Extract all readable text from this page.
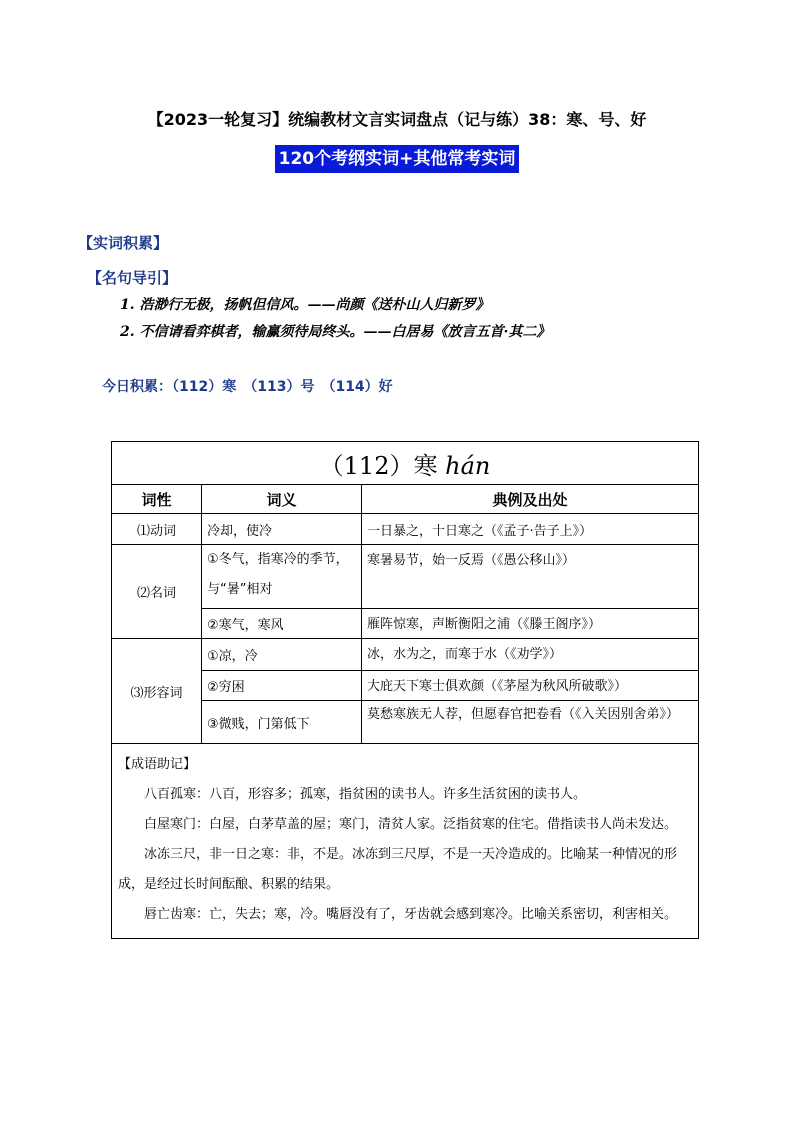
【2023一轮复习】统编教材文言实词盘点（记与练）38：寒、号、好
120个考纲实词+其他常考实词
【实词积累】
【名句导引】
1. 浩渺行无极，扬帆但信风。——尚颜《送朴山人归新罗》
2. 不信请看弈棋者，输赢须待局终头。——白居易《放言五首·其二》
今日积累：（112）寒　（113）号　（114）好
（112）寒 hán		
词性	词义	典例及出处
⑴动词	冷却，使冷	一日暴之，十日寒之（《孟子·告子上》）
⑵名词	①冬气，指寒冷的季节，与“暑”相对	寒暑易节，始一反焉（《愚公移山》）
	②寒气，寒风	雁阵惊寒，声断衡阳之浦（《滕王阁序》）
⑶形容词	①凉，冷	冰，水为之，而寒于水（《劝学》）
	②穷困	大庇天下寒士俱欢颜（《茅屋为秋风所破歌》）
	③微贱，门第低下	莫愁寒族无人荐，但愿春官把卷看（《入关因别舍弟》）

【成语助记】

八百孤寒：八百，形容多；孤寒，指贫困的读书人。许多生活贫困的读书人。

白屋寒门：白屋，白茅草盖的屋；寒门，清贫人家。泛指贫寒的住宅。借指读书人尚未发达。

冰冻三尺，非一日之寒：非，不是。冰冻到三尺厚，不是一天冷造成的。比喻某一种情况的形成，是经过长时间酝酿、积累的结果。

唇亡齿寒：亡，失去；寒，冷。嘴唇没有了，牙齿就会感到寒冷。比喻关系密切，利害相关。		
